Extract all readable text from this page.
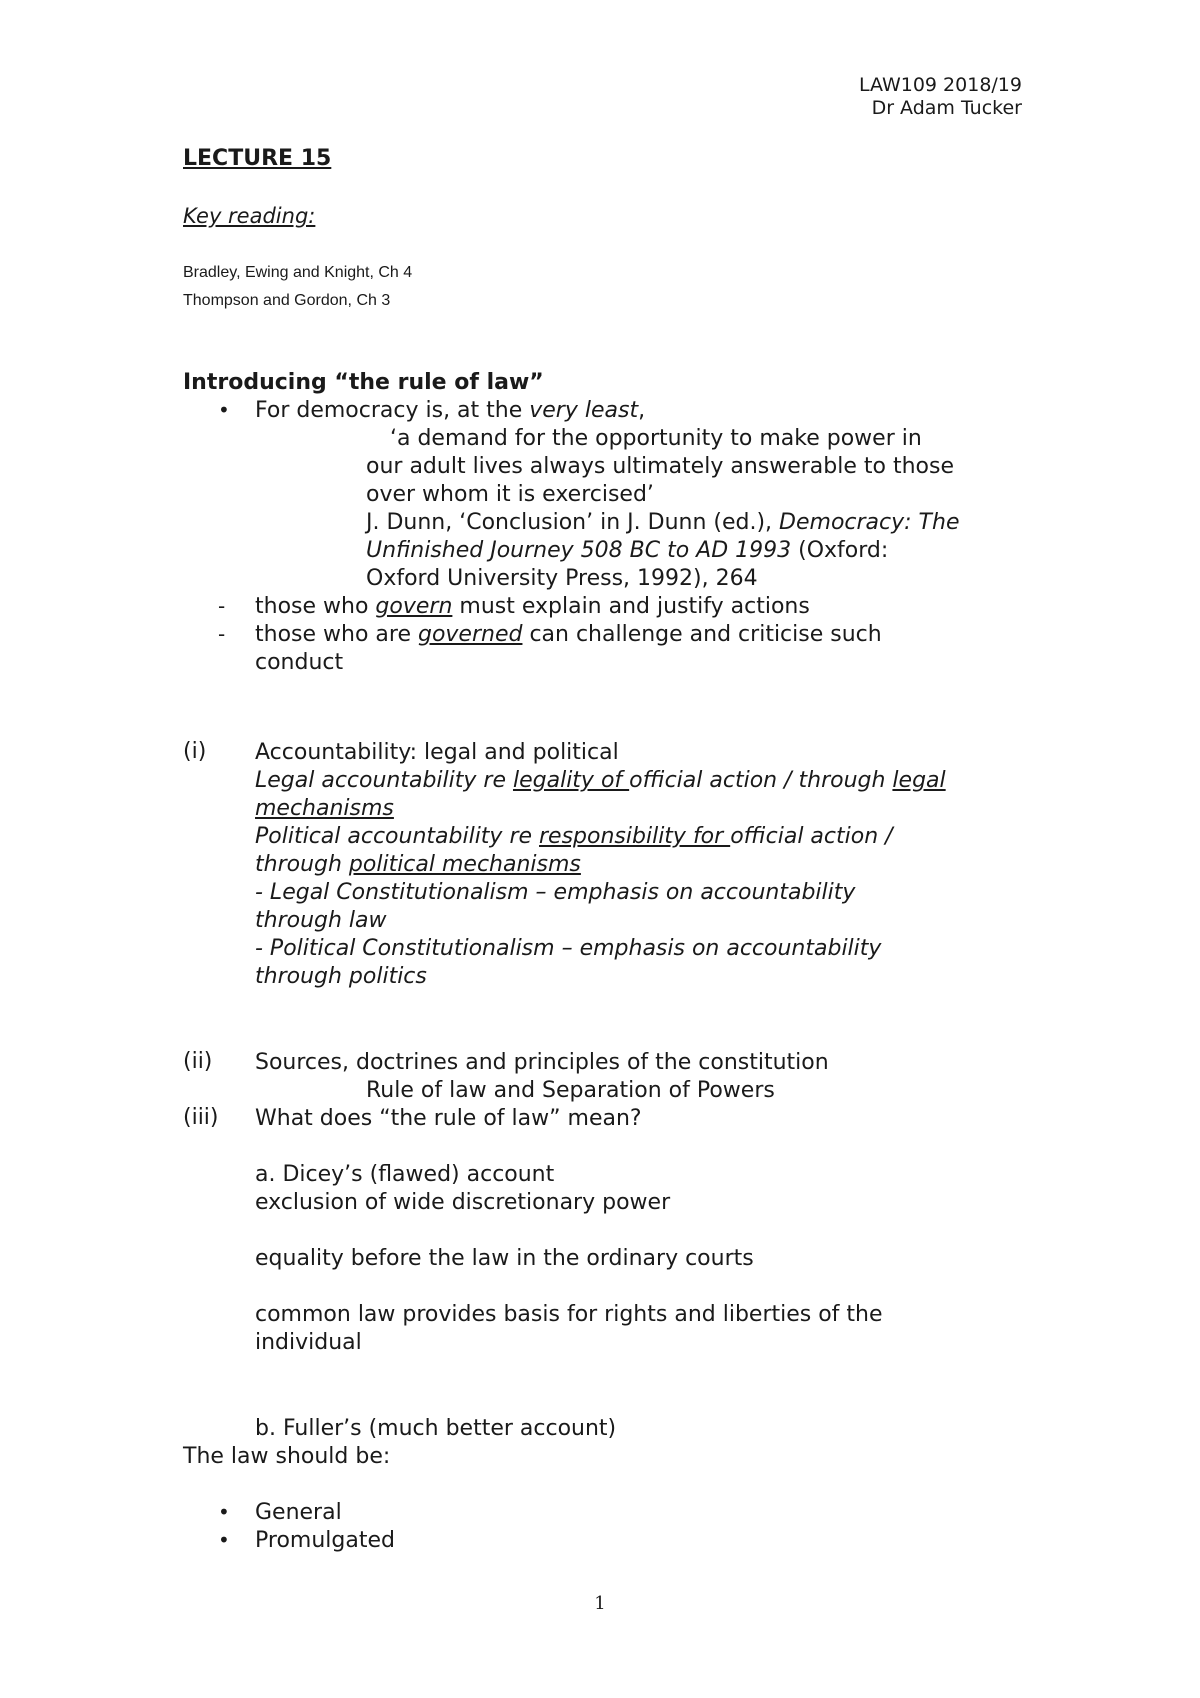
LAW109 2018/19
Dr Adam Tucker
LECTURE 15
Key reading:
Bradley, Ewing and Knight, Ch 4
Thompson and Gordon, Ch 3
Introducing “the rule of law”
• For democracy is, at the very least,
‘a demand for the opportunity to make power in
our adult lives always ultimately answerable to those
over whom it is exercised’
J. Dunn, ‘Conclusion’ in J. Dunn (ed.), Democracy: The
Unfinished Journey 508 BC to AD 1993 (Oxford:
Oxford University Press, 1992), 264
- those who govern must explain and justify actions
- those who are governed can challenge and criticise such
conduct
(i) Accountability: legal and political
Legal accountability re legality of official action / through legal
mechanisms
Political accountability re responsibility for official action /
through political mechanisms
- Legal Constitutionalism – emphasis on accountability
through law
- Political Constitutionalism – emphasis on accountability
through politics
(ii) Sources, doctrines and principles of the constitution
Rule of law and Separation of Powers
(iii) What does “the rule of law” mean?
a. Dicey’s (flawed) account
exclusion of wide discretionary power
equality before the law in the ordinary courts
common law provides basis for rights and liberties of the
individual
b. Fuller’s (much better account)
The law should be:
• General
• Promulgated
1
